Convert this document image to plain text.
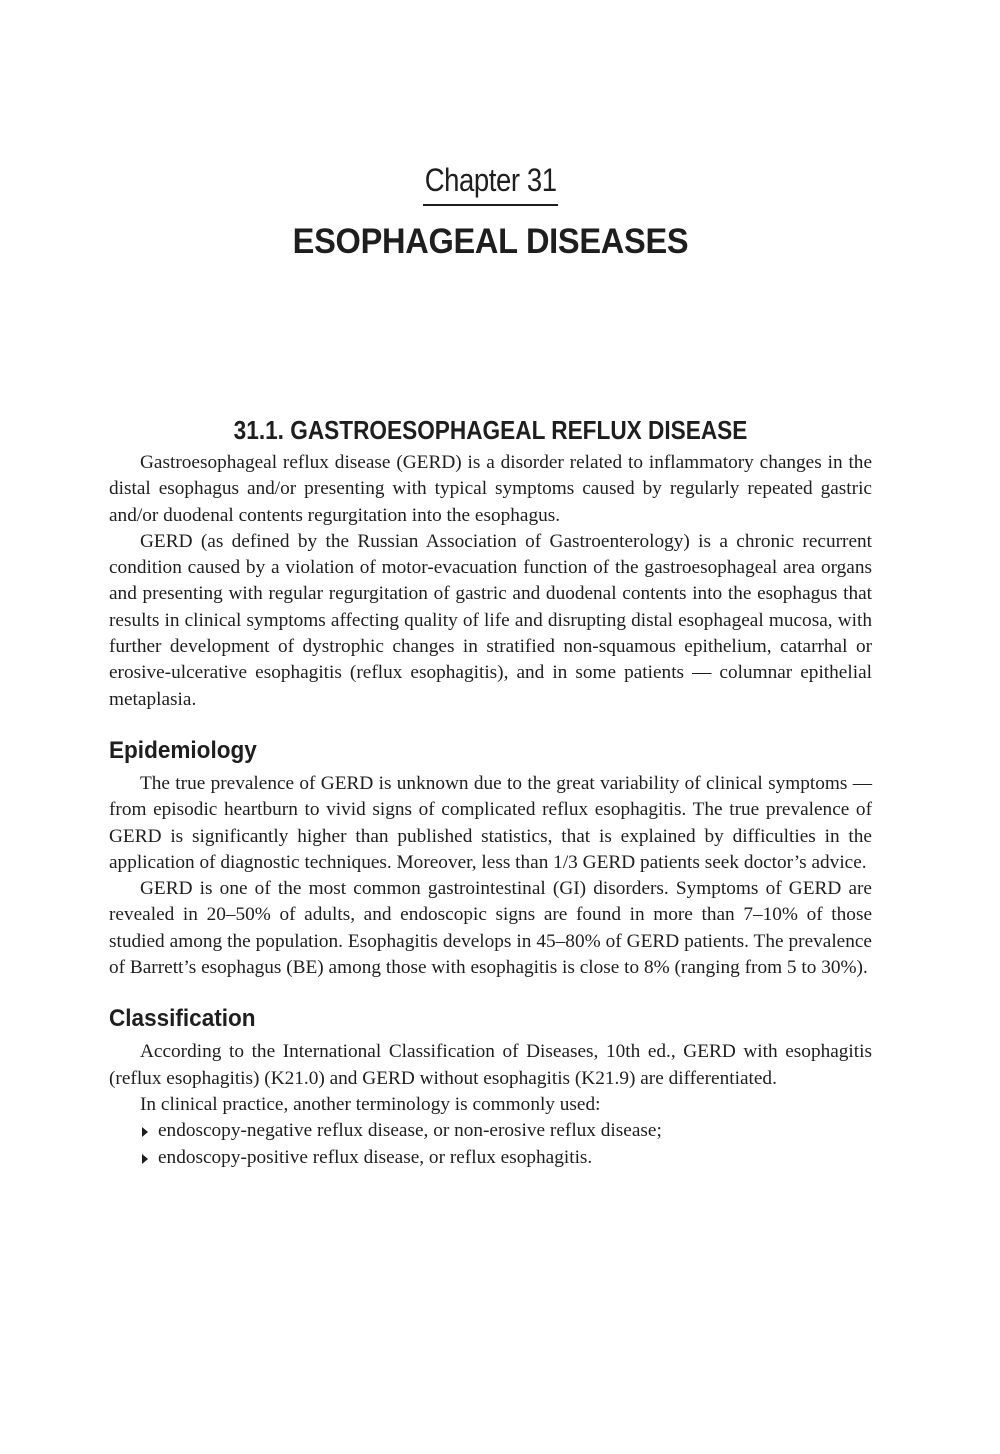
Chapter 31
ESOPHAGEAL DISEASES
31.1. GASTROESOPHAGEAL REFLUX DISEASE

Gastroesophageal reflux disease (GERD) is a disorder related to inflammatory changes in the distal esophagus and/or presenting with typical symptoms caused by regularly repeated gastric and/or duodenal contents regurgitation into the esophagus.

GERD (as defined by the Russian Association of Gastroenterology) is a chronic recurrent condition caused by a violation of motor-evacuation function of the gastroesophageal area organs and presenting with regular regurgitation of gastric and duodenal contents into the esophagus that results in clinical symptoms affecting quality of life and disrupting distal esophageal mucosa, with further development of dystrophic changes in stratified non-squamous epithelium, catarrhal or erosive-ulcerative esophagitis (reflux esophagitis), and in some patients — columnar epithelial metaplasia.

Epidemiology

The true prevalence of GERD is unknown due to the great variability of clinical symptoms — from episodic heartburn to vivid signs of complicated reflux esophagitis. The true prevalence of GERD is significantly higher than published statistics, that is explained by difficulties in the application of diagnostic techniques. Moreover, less than 1/3 GERD patients seek doctor’s advice.

GERD is one of the most common gastrointestinal (GI) disorders. Symptoms of GERD are revealed in 20–50% of adults, and endoscopic signs are found in more than 7–10% of those studied among the population. Esophagitis develops in 45–80% of GERD patients. The prevalence of Barrett’s esophagus (BE) among those with esophagitis is close to 8% (ranging from 5 to 30%).

Classification

According to the International Classification of Diseases, 10th ed., GERD with esophagitis (reflux esophagitis) (K21.0) and GERD without esophagitis (K21.9) are differentiated.

In clinical practice, another terminology is commonly used:

endoscopy-negative reflux disease, or non-erosive reflux disease;
endoscopy-positive reflux disease, or reflux esophagitis.
